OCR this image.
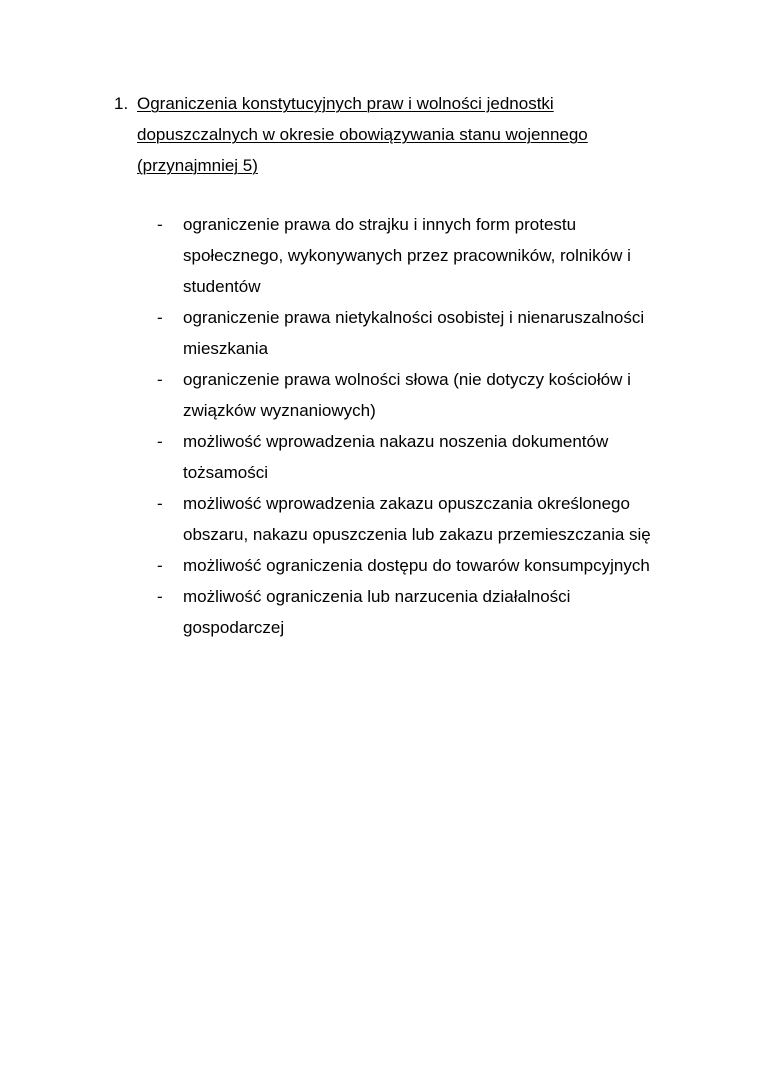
1. Ograniczenia konstytucyjnych praw i wolności jednostki dopuszczalnych w okresie obowiązywania stanu wojennego (przynajmniej 5)
- ograniczenie prawa do strajku i innych form protestu społecznego, wykonywanych przez pracowników, rolników i studentów
- ograniczenie prawa nietykalności osobistej i nienaruszalności mieszkania
- ograniczenie prawa wolności słowa (nie dotyczy kościołów i związków wyznaniowych)
- możliwość wprowadzenia nakazu noszenia dokumentów tożsamości
- możliwość wprowadzenia zakazu opuszczania określonego obszaru, nakazu opuszczenia lub zakazu przemieszczania się
- możliwość ograniczenia dostępu do towarów konsumpcyjnych
- możliwość ograniczenia lub narzucenia działalności gospodarczej
